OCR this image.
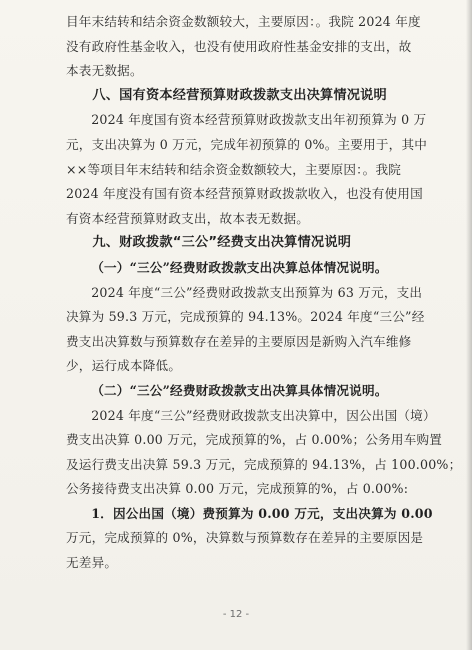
目年末结转和结余资金数额较大，主要原因：。我院 2024 年度
没有政府性基金收入，也没有使用政府性基金安排的支出，故
本表无数据。
八、国有资本经营预算财政拨款支出决算情况说明
2024 年度国有资本经营预算财政拨款支出年初预算为 0 万
元，支出决算为 0 万元，完成年初预算的 0%。主要用于，其中
××等项目年末结转和结余资金数额较大，主要原因：。我院
2024 年度没有国有资本经营预算财政拨款收入，也没有使用国
有资本经营预算财政支出，故本表无数据。
九、财政拨款“三公”经费支出决算情况说明
（一）“三公”经费财政拨款支出决算总体情况说明。
2024 年度“三公”经费财政拨款支出预算为 63 万元，支出
决算为 59.3 万元，完成预算的 94.13%。2024 年度“三公”经
费支出决算数与预算数存在差异的主要原因是新购入汽车维修
少，运行成本降低。
（二）“三公”经费财政拨款支出决算具体情况说明。
2024 年度“三公”经费财政拨款支出决算中，因公出国（境）
费支出决算 0.00 万元，完成预算的%，占 0.00%；公务用车购置
及运行费支出决算 59.3 万元，完成预算的 94.13%，占 100.00%；
公务接待费支出决算 0.00 万元，完成预算的%，占 0.00%:
1．因公出国（境）费预算为 0.00 万元，支出决算为 0.00
万元，完成预算的 0%，决算数与预算数存在差异的主要原因是
无差异。
- 12 -
